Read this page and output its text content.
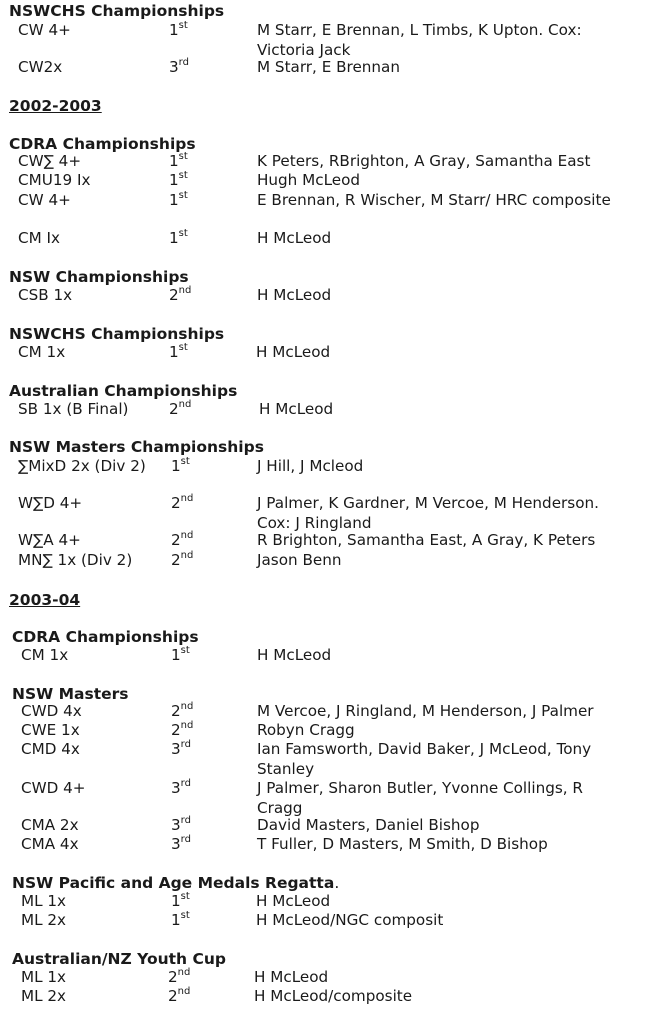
NSWCHS Championships
CW 4+	1st	M Starr, E Brennan, L Timbs, K Upton. Cox: Victoria Jack
CW2x	3rd	M Starr, E Brennan
2002-2003
CDRA Championships
CW∑ 4+	1st	K Peters, RBrighton, A Gray, Samantha East
CMU19 Ix	1st	Hugh McLeod
CW 4+	1st	E Brennan, R Wischer, M Starr/ HRC composite
CM Ix	1st	H McLeod
NSW Championships
CSB 1x	2nd	H McLeod
NSWCHS Championships
CM 1x	1st	H McLeod
Australian Championships
SB 1x (B Final)	2nd	H McLeod
NSW Masters Championships
∑MixD 2x (Div 2)	1st	J Hill, J Mcleod
W∑D 4+	2nd	J Palmer, K Gardner, M Vercoe, M Henderson. Cox: J Ringland
W∑A 4+	2nd	R Brighton, Samantha East, A Gray, K Peters
MN∑ 1x (Div 2)	2nd	Jason Benn
2003-04
CDRA Championships
CM 1x	1st	H McLeod
NSW Masters
CWD 4x	2nd	M Vercoe, J Ringland, M Henderson, J Palmer
CWE 1x	2nd	Robyn Cragg
CMD 4x	3rd	Ian Famsworth, David Baker, J McLeod, Tony Stanley
CWD 4+	3rd	J Palmer, Sharon Butler, Yvonne Collings, R Cragg
CMA 2x	3rd	David Masters, Daniel Bishop
CMA 4x	3rd	T Fuller, D Masters, M Smith, D Bishop
NSW Pacific and Age Medals Regatta.
ML 1x	1st	H McLeod
ML 2x	1st	H McLeod/NGC composit
Australian/NZ Youth Cup
ML 1x	2nd	H McLeod
ML 2x	2nd	H McLeod/composite
